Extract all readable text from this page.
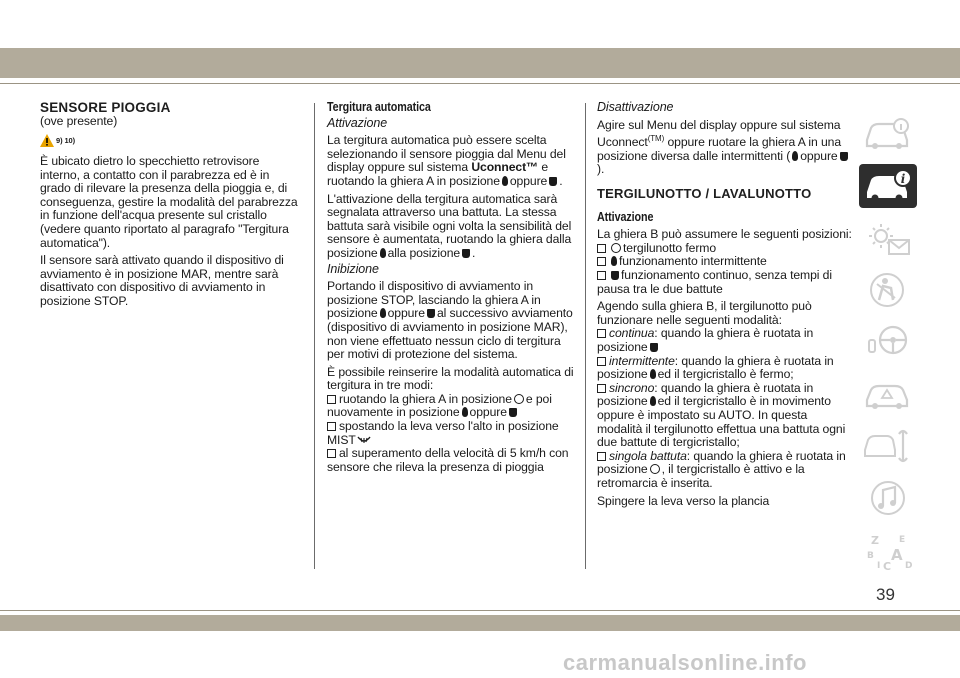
SENSORE PIOGGIA
(ove presente)
9) 10)

È ubicato dietro lo specchietto retrovisore interno, a contatto con il parabrezza ed è in grado di rilevare la presenza della pioggia e, di conseguenza, gestire la modalità del parabrezza in funzione dell'acqua presente sul cristallo (vedere quanto riportato al paragrafo "Tergitura automatica").

Il sensore sarà attivato quando il dispositivo di avviamento è in posizione MAR, mentre sarà disattivato con dispositivo di avviamento in posizione STOP.

Tergitura automatica
Attivazione

La tergitura automatica può essere scelta selezionando il sensore pioggia dal Menu del display oppure sul sistema Uconnect™ e ruotando la ghiera A in posizione oppure .

L'attivazione della tergitura automatica sarà segnalata attraverso una battuta. La stessa battuta sarà visibile ogni volta la sensibilità del sensore è aumentata, ruotando la ghiera dalla posizione alla posizione .

Inibizione

Portando il dispositivo di avviamento in posizione STOP, lasciando la ghiera A in posizione oppure al successivo avviamento (dispositivo di avviamento in posizione MAR), non viene effettuato nessun ciclo di tergitura per motivi di protezione del sistema.

È possibile reinserire la modalità automatica di tergitura in tre modi:

ruotando la ghiera A in posizione e poi nuovamente in posizione oppure
spostando la leva verso l'alto in posizione MIST
al superamento della velocità di 5 km/h con sensore che rileva la presenza di pioggia
Disattivazione

Agire sul Menu del display oppure sul sistema Uconnect$^{(TM)}$ oppure ruotare la ghiera A in una posizione diversa dalle intermittenti ( oppure).

TERGILUNOTTO / LAVALUNOTTO
Attivazione

La ghiera B può assumere le seguenti posizioni:

tergilunotto fermo
funzionamento intermittente
funzionamento continuo, senza tempi di pausa tra le due battute

Agendo sulla ghiera B, il tergilunotto può funzionare nelle seguenti modalità:

continua: quando la ghiera è ruotata in posizione
intermittente: quando la ghiera è ruotata in posizione ed il tergicristallo è fermo;
sincrono: quando la ghiera è ruotata in posizione ed il tergicristallo è in movimento oppure è impostato su AUTO. In questa modalità il tergilunotto effettua una battuta ogni due battute di tergicristallo;
singola battuta: quando la ghiera è ruotata in posizione , il tergicristallo è attivo e la retromarcia è inserita.

Spingere la leva verso la plancia

i
Z E
B A
I C D
39
carmanualsonline.info
